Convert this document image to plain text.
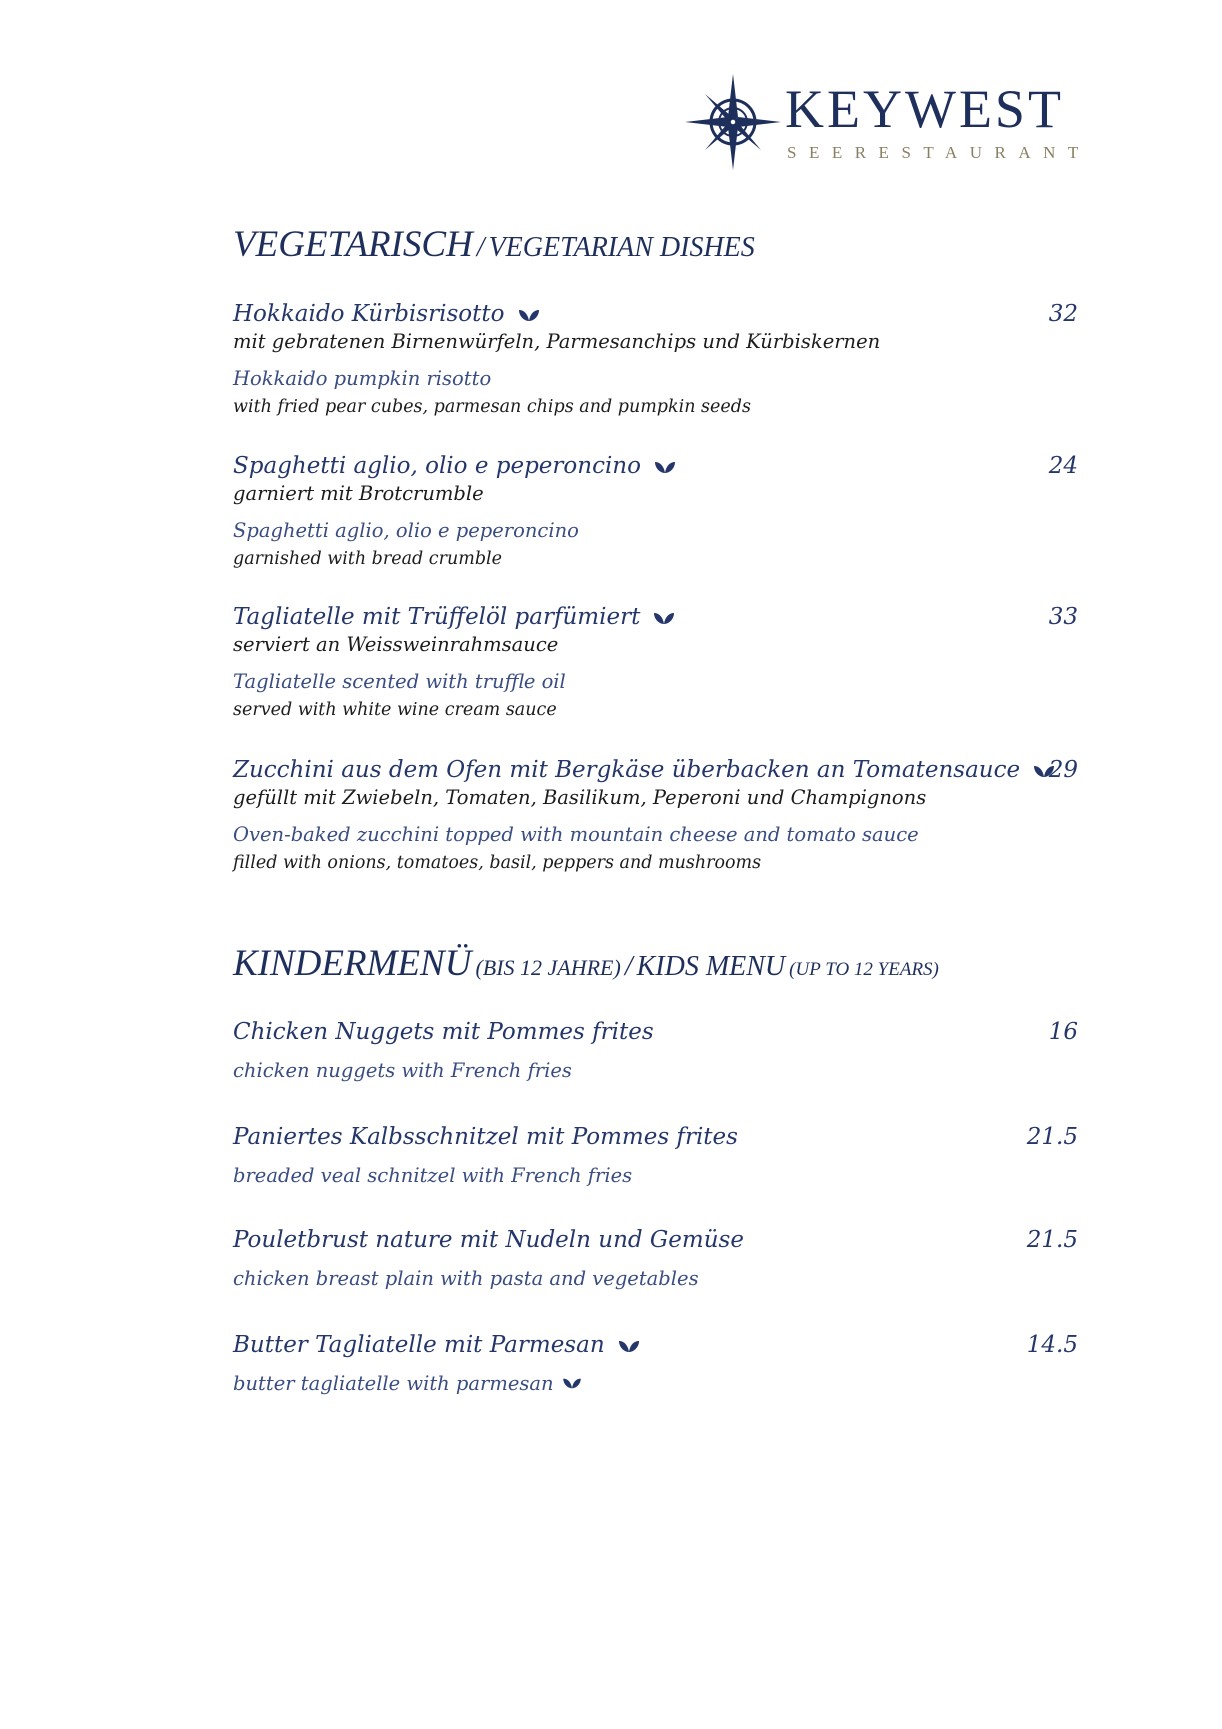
KEYWEST
SEERESTAURANT
VEGETARISCH / VEGETARIAN DISHES
Hokkaido Kürbisrisotto	32
mit gebratenen Birnenwürfeln, Parmesanchips und Kürbiskernen
Hokkaido pumpkin risotto
with fried pear cubes, parmesan chips and pumpkin seeds
Spaghetti aglio, olio e peperoncino	24
garniert mit Brotcrumble
Spaghetti aglio, olio e peperoncino
garnished with bread crumble
Tagliatelle mit Trüffelöl parfümiert	33
serviert an Weissweinrahmsauce
Tagliatelle scented with truffle oil
served with white wine cream sauce
Zucchini aus dem Ofen mit Bergkäse überbacken an Tomatensauce 29
gefüllt mit Zwiebeln, Tomaten, Basilikum, Peperoni und Champignons
Oven-baked zucchini topped with mountain cheese and tomato sauce
filled with onions, tomatoes, basil, peppers and mushrooms
KINDERMENÜ (BIS 12 JAHRE) / KIDS MENU (UP TO 12 YEARS)
Chicken Nuggets mit Pommes frites	16
chicken nuggets with French fries
Paniertes Kalbsschnitzel mit Pommes frites	21.5
breaded veal schnitzel with French fries
Pouletbrust nature mit Nudeln und Gemüse	21.5
chicken breast plain with pasta and vegetables
Butter Tagliatelle mit Parmesan	14.5
butter tagliatelle with parmesan
